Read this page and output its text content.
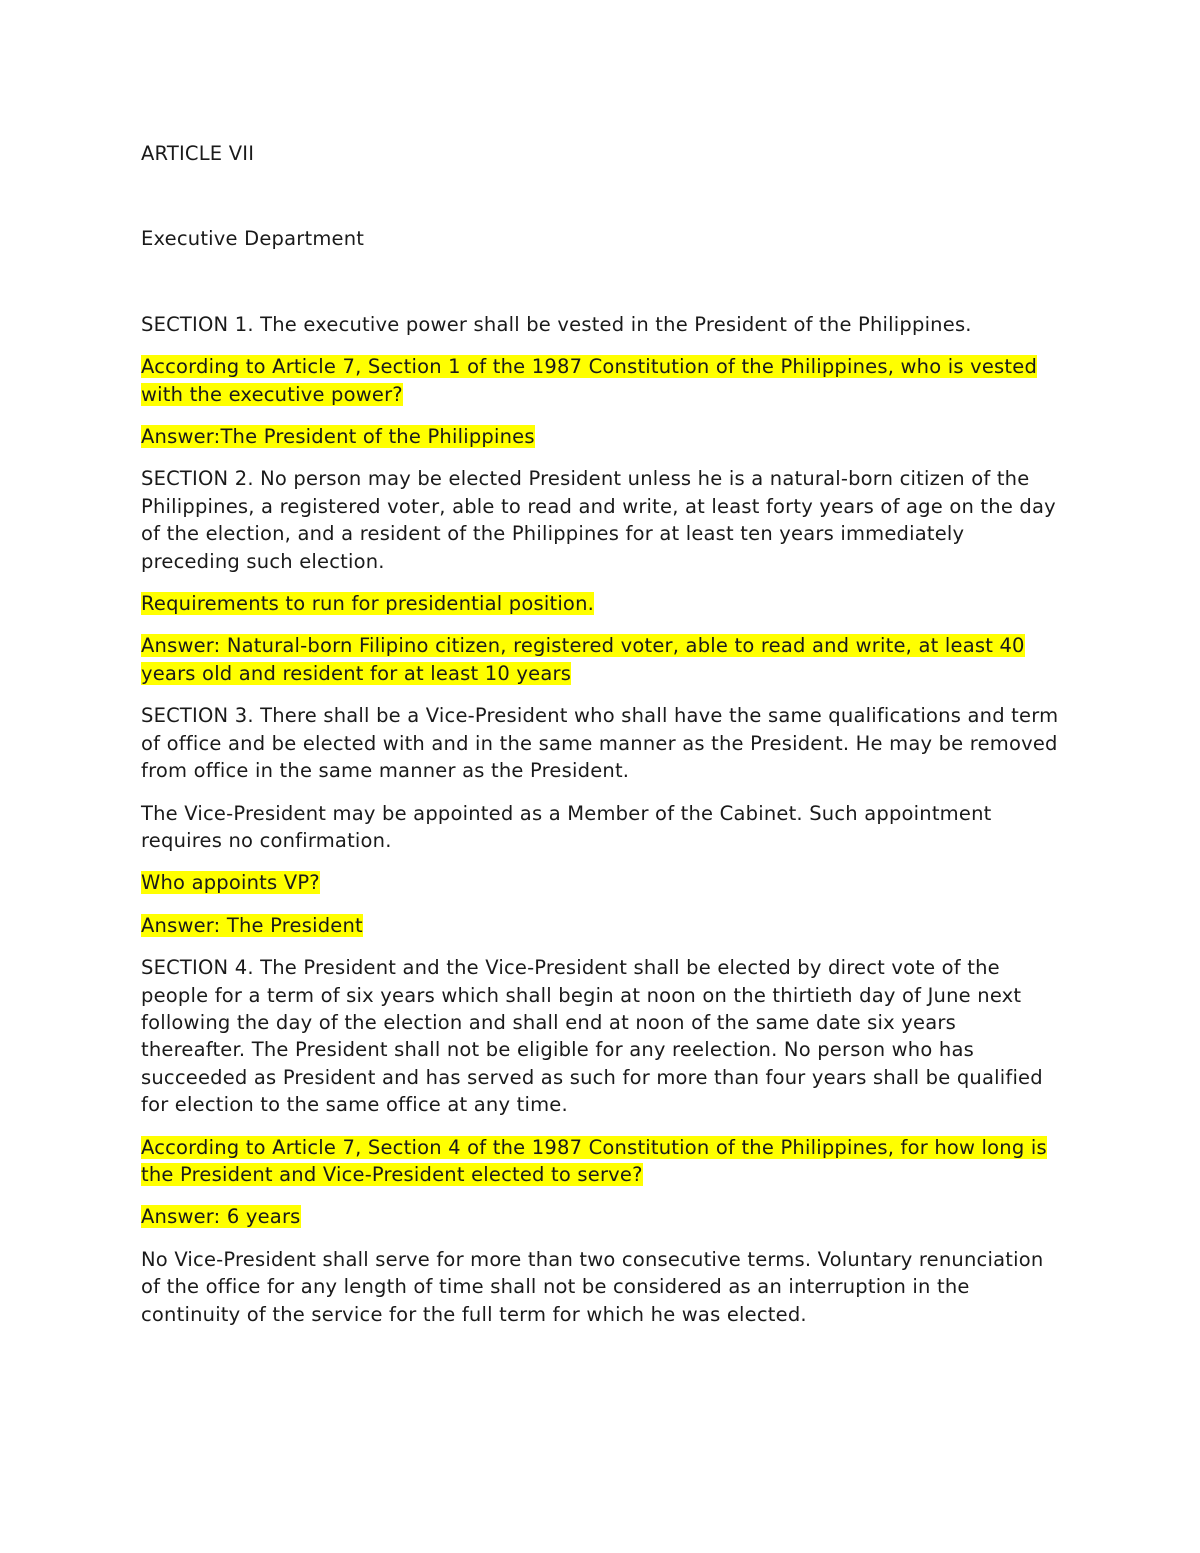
ARTICLE VII

Executive Department

SECTION 1. The executive power shall be vested in the President of the Philippines.

According to Article 7, Section 1 of the 1987 Constitution of the Philippines, who is vested with the executive power?

Answer:The President of the Philippines

SECTION 2. No person may be elected President unless he is a natural-born citizen of the Philippines, a registered voter, able to read and write, at least forty years of age on the day of the election, and a resident of the Philippines for at least ten years immediately preceding such election.

Requirements to run for presidential position.

Answer: Natural-born Filipino citizen, registered voter, able to read and write, at least 40 years old and resident for at least 10 years

SECTION 3. There shall be a Vice-President who shall have the same qualifications and term of office and be elected with and in the same manner as the President. He may be removed from office in the same manner as the President.

The Vice-President may be appointed as a Member of the Cabinet. Such appointment requires no confirmation.

Who appoints VP?

Answer: The President

SECTION 4. The President and the Vice-President shall be elected by direct vote of the people for a term of six years which shall begin at noon on the thirtieth day of June next following the day of the election and shall end at noon of the same date six years thereafter. The President shall not be eligible for any reelection. No person who has succeeded as President and has served as such for more than four years shall be qualified for election to the same office at any time.

According to Article 7, Section 4 of the 1987 Constitution of the Philippines, for how long is the President and Vice-President elected to serve?

Answer: 6 years

No Vice-President shall serve for more than two consecutive terms. Voluntary renunciation of the office for any length of time shall not be considered as an interruption in the continuity of the service for the full term for which he was elected.
